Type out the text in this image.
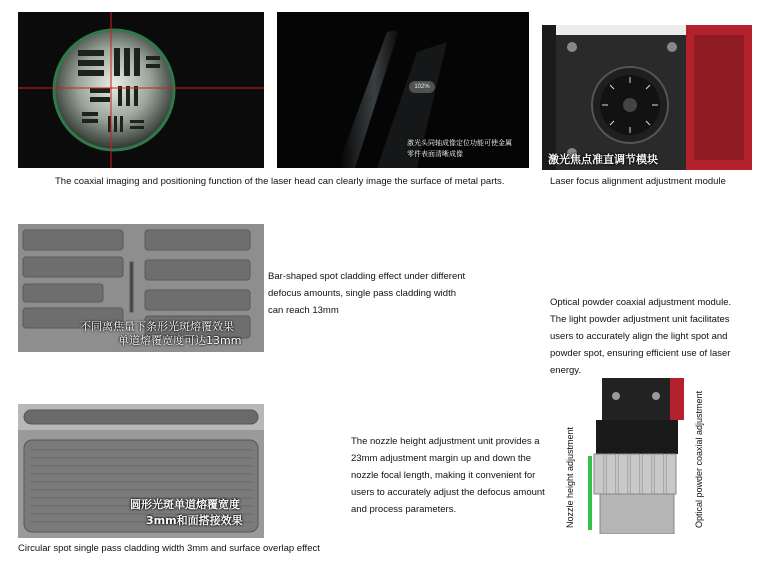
102%
激光头同轴成像定位功能可使金属
零件表面清晰成像
The coaxial imaging and positioning function of the laser head can clearly image the surface of metal parts.
激光焦点准直调节模块
Laser focus alignment adjustment module
不同离焦量下条形光斑熔覆效果
单道熔覆宽度可达13mm
Bar-shaped spot cladding effect under different
defocus amounts, single pass cladding width
can reach 13mm
Optical powder coaxial adjustment module.
The light powder adjustment unit facilitates
users to accurately align the light spot and
powder spot, ensuring efficient use of laser
energy.
圆形光斑单道熔覆宽度
3mm和面搭接效果
Circular spot single pass cladding width 3mm and surface overlap effect
The nozzle height adjustment unit provides a
23mm adjustment margin up and down the
nozzle focal length, making it convenient for
users to accurately adjust the defocus amount
and process parameters.	Nozzle height adjustment	Optical powder coaxial adjustment
